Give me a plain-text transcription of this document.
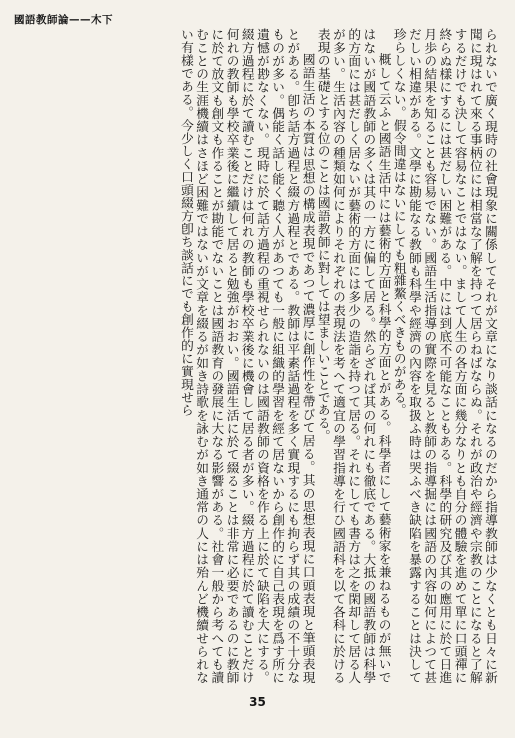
國語教師論——木下

られないで廣く現時の社會現象に關係してそれが文章になり談話になるのだから指導教師は少なくとも日々に新聞に現はれて來る事柄位には相當な了解を持つて居らねばならぬ。それが政治や經濟や宗教のことになると了解するだけでも決して容易なことではない。まして人生の各方面に幾分なりとも自分の體驗を進めて單に口頭禪に終らぬ樣にするには甚だしい困難がある。中には到底不可能なこともある。科學的研究及び其の應用に於て日進月歩の結果を知ることも容易でない。國語生活指導の實際を見ると教師の指導掘には國語の內容如何によつて甚だしい相違がある。文學に勘能なる教師も科學や經濟の內容を取扱ふ時は哭ふべき缺陷を暴露することは決して珍らしくない。假令間違はないにしても粗雜鰲くべきものがある。

概して云ふと國語生活中には藝術的方面と科學的方面とがある。科學者にして藝術家を兼ねるものが無いではないが國語教師の多くは其の一方に偏して居る。然らざれば其の何れにも徹底である。大抵の國語教師は科學的方面には甚だしく居ないが藝術的方面には多少の造詣を持つて居る。それにしても書方は之を閑却して居る人が多い。生活內容の種類如何によりそれぞれの表現法を考へて適宜の學習指導を行ひ國語科を以て各科に於ける表現の基礎とする位のことは國語教師に對しては望ましいことである。

國語生活の本質は思想の構成表現であつて濃厚に創作性を帶びて居る。其の思想表現に口頭表現と筆頭表現とがある。卽ち話方過程と綴方過程とである。教師は平素話過程を多く實現するにも拘らず其の成績の不十分なものが多い。偶能く話し能く聽く人があつても一般に組織的學習を經て居ないから創作的に自己表現を爲す所に遺憾が尠なくない。現時に於て話方過程の重視せられないのは國語教師の資格を作る上に於て缺陷を大にする。綴方過程に於て讀むことだけは何れの教師も學校卒業後に機會して居る者が多い。綴方過程に於て讀むことだけ何れの教師も學校卒業後に繼續して居ると勉強がおおい。國語生活に於て綴ることは非常に必要であるのに教師に於て放文も創文も作ることが勘能でないことは國語教育の發展に大なる影響がある。社會一般から考へても讀むことの生涯機續はさほど困難ではないが文章を綴るが如き詩歌を詠むが如き通常の人には殆んど機續せられない有樣である。今少しく口頭綴方卽ち談話にでも創作的に實現せら

35
